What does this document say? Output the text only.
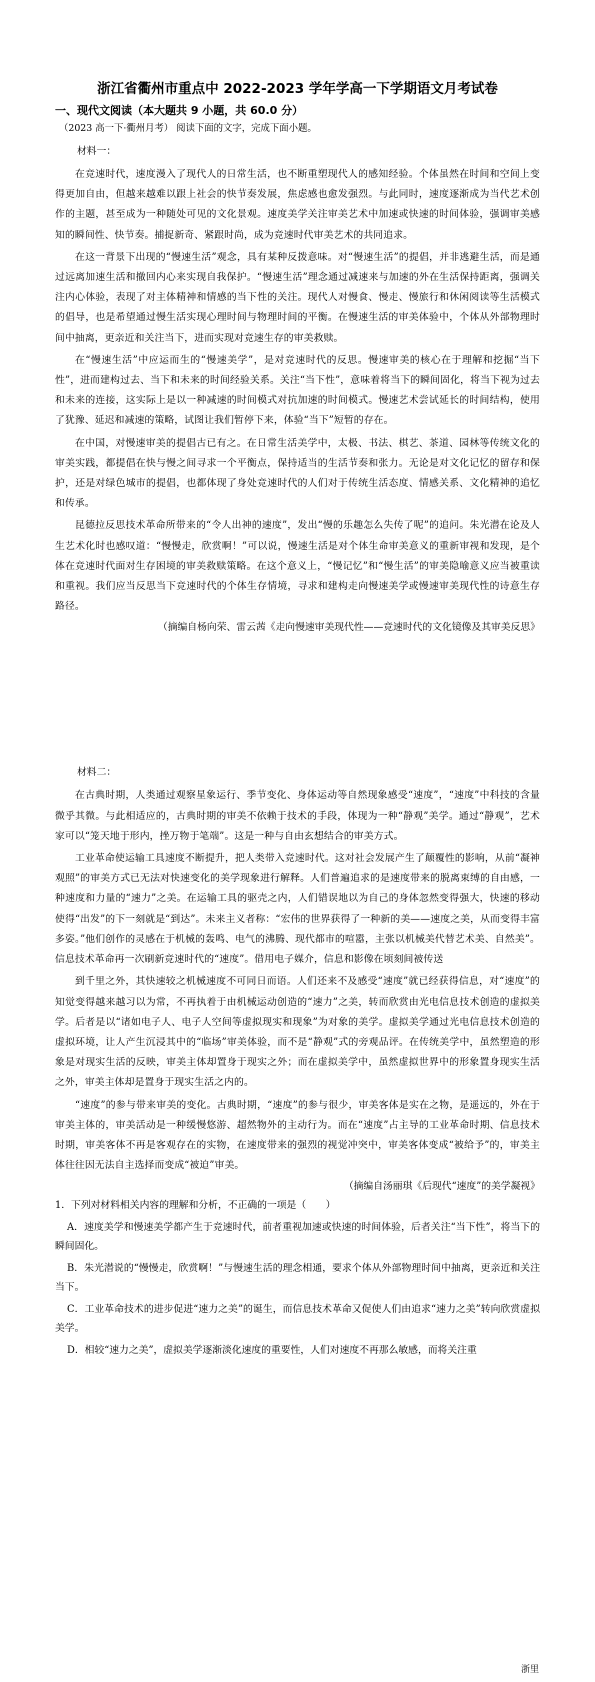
浙江省衢州市重点中 2022-2023 学年学高一下学期语文月考试卷
一、现代文阅读（本大题共 9 小题，共 60.0 分）
（2023 高一下·衢州月考） 阅读下面的文字，完成下面小题。
材料一：

在竞速时代，速度漫入了现代人的日常生活，也不断重塑现代人的感知经验。个体虽然在时间和空间上变得更加自由，但越来越难以跟上社会的快节奏发展，焦虑感也愈发强烈。与此同时，速度逐渐成为当代艺术创作的主题，甚至成为一种随处可见的文化景观。速度美学关注审美艺术中加速或快速的时间体验，强调审美感知的瞬间性、快节奏。捕捉新奇、紧跟时尚，成为竞速时代审美艺术的共同追求。

在这一背景下出现的“慢速生活”观念，具有某种反拨意味。对“慢速生活”的提倡，并非逃避生活，而是通过远离加速生活和撤回内心来实现自我保护。“慢速生活”理念通过减速来与加速的外在生活保持距离，强调关注内心体验，表现了对主体精神和情感的当下性的关注。现代人对慢食、慢走、慢旅行和休闲阅读等生活模式的倡导，也是希望通过慢生活实现心理时间与物理时间的平衡。在慢速生活的审美体验中，个体从外部物理时间中抽离，更亲近和关注当下，进而实现对竞速生存的审美救赎。

在“慢速生活”中应运而生的“慢速美学”，是对竞速时代的反思。慢速审美的核心在于理解和挖掘“当下性”，进而建构过去、当下和未来的时间经验关系。关注“当下性”，意味着将当下的瞬间固化，将当下视为过去和未来的连接，这实际上是以一种减速的时间模式对抗加速的时间模式。慢速艺术尝试延长的时间结构，使用了犹豫、延迟和减速的策略，试图让我们暂停下来，体验“当下”短暂的存在。

在中国，对慢速审美的提倡古已有之。在日常生活美学中，太极、书法、棋艺、茶道、园林等传统文化的审美实践，都提倡在快与慢之间寻求一个平衡点，保持适当的生活节奏和张力。无论是对文化记忆的留存和保护，还是对绿色城市的提倡，也都体现了身处竞速时代的人们对于传统生活态度、情感关系、文化精神的追忆和传承。

昆德拉反思技术革命所带来的“令人出神的速度”，发出“慢的乐趣怎么失传了呢”的追问。朱光潜在论及人生艺术化时也感叹道：“慢慢走，欣赏啊！”可以说，慢速生活是对个体生命审美意义的重新审视和发现，是个体在竞速时代面对生存困境的审美救赎策略。在这个意义上，“慢记忆”和“慢生活”的审美隐喻意义应当被重读和重视。我们应当反思当下竞速时代的个体生存情境，寻求和建构走向慢速美学或慢速审美现代性的诗意生存路径。

（摘编自杨向荣、雷云茜《走向慢速审美现代性——竞速时代的文化镜像及其审美反思》
材料二：

在古典时期，人类通过观察星象运行、季节变化、身体运动等自然现象感受“速度”，“速度”中科技的含量微乎其微。与此相适应的，古典时期的审美不依赖于技术的手段，体现为一种“静观”美学。通过“静观”，艺术家可以“笼天地于形内，挫万物于笔端”。这是一种与自由玄想结合的审美方式。

工业革命使运输工具速度不断提升，把人类带入竞速时代。这对社会发展产生了颠覆性的影响，从前“凝神观照”的审美方式已无法对快速变化的美学现象进行解释。人们普遍追求的是速度带来的脱离束缚的自由感，一种速度和力量的“速力”之美。在运输工具的驱壳之内，人们错误地以为自己的身体忽然变得强大，快速的移动使得“出发”的下一刻就是“到达”。未来主义者称：“宏伟的世界获得了一种新的美——速度之美，从而变得丰富多姿。”他们创作的灵感在于机械的轰鸣、电气的沸腾、现代都市的喧嚣，主张以机械美代替艺术美、自然美”。信息技术革命再一次刷新竞速时代的“速度”。借用电子媒介，信息和影像在顷刻间被传送

到千里之外，其快速较之机械速度不可同日而语。人们还来不及感受“速度”就已经获得信息，对“速度”的知觉变得越来越习以为常，不再执着于由机械运动创造的“速力”之美，转而欣赏由光电信息技术创造的虚拟美学。后者是以“诸如电子人、电子人空间等虚拟现实和现象”为对象的美学。虚拟美学通过光电信息技术创造的虚拟环境，让人产生沉浸其中的“临场”审美体验，而不是“静观”式的旁观品评。在传统美学中，虽然塑造的形象是对现实生活的反映，审美主体却置身于现实之外；而在虚拟美学中，虽然虚拟世界中的形象置身现实生活之外，审美主体却是置身于现实生活之内的。

“速度”的参与带来审美的变化。古典时期，“速度”的参与很少，审美客体是实在之物，是遥远的，外在于审美主体的，审美活动是一种缓慢悠游、超然物外的主动行为。而在“速度”占主导的工业革命时期、信息技术时期，审美客体不再是客观存在的实物，在速度带来的强烈的视觉冲突中，审美客体变成“被给予”的，审美主体往往因无法自主选择而变成“被迫”审美。

（摘编自汤丽琪《后现代“速度”的美学凝视》
1．下列对材料相关内容的理解和分析，不正确的一项是（　　）
A．速度美学和慢速美学都产生于竞速时代，前者重视加速或快速的时间体验，后者关注“当下性”，将当下的瞬间固化。
B．朱光潜说的“慢慢走，欣赏啊！”与慢速生活的理念相通，要求个体从外部物理时间中抽离，更亲近和关注当下。
C．工业革命技术的进步促进“速力之美”的诞生，而信息技术革命又促使人们由追求“速力之美”转向欣赏虚拟美学。
D．相较“速力之美”，虚拟美学逐渐淡化速度的重要性，人们对速度不再那么敏感，而将关注重
浙里
